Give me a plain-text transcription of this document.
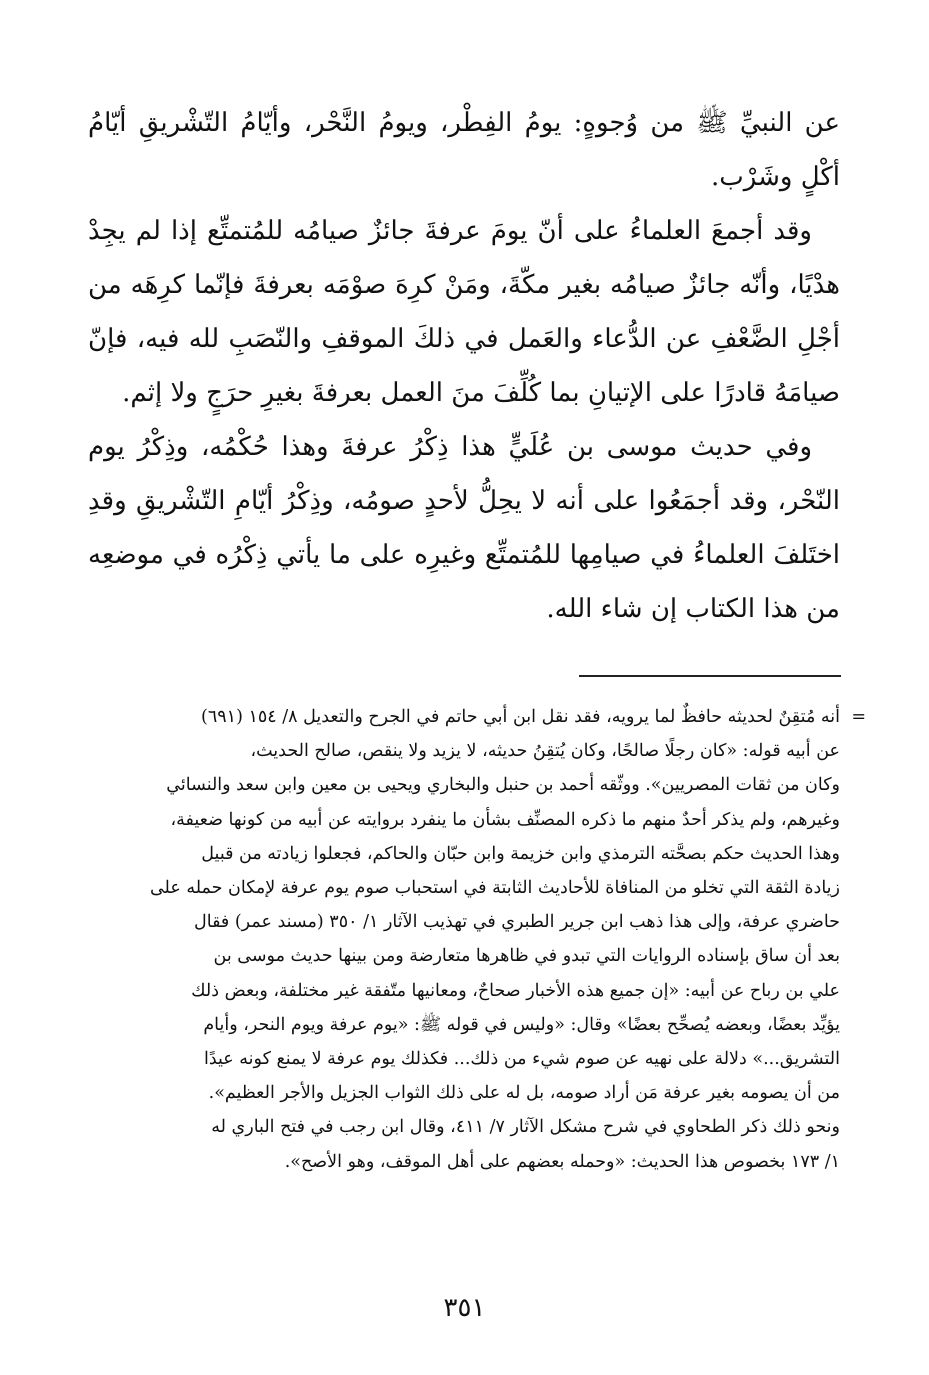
عن النبيِّ ﷺ من وُجوهٍ: يومُ الفِطْر، ويومُ النَّحْر، وأيّامُ التّشْريقِ أيّامُ أكْلٍ وشَرْب.

وقد أجمعَ العلماءُ على أنّ يومَ عرفةَ جائزٌ صيامُه للمُتمتِّع إذا لم يجِدْ هدْيًا، وأنّه جائزٌ صيامُه بغير مكّةَ، ومَنْ كرِهَ صوْمَه بعرفةَ فإنّما كرِهَه من أجْلِ الضَّعْفِ عن الدُّعاء والعَمل في ذلكَ الموقفِ والنّصَبِ لله فيه، فإنّ صيامَهُ قادرًا على الإتيانِ بما كُلِّفَ منَ العمل بعرفةَ بغيرِ حرَجٍ ولا إثم.

وفي حديث موسى بن عُلَيٍّ هذا ذِكْرُ عرفةَ وهذا حُكْمُه، وذِكْرُ يوم النّحْر، وقد أجمَعُوا على أنه لا يحِلُّ لأحدٍ صومُه، وذِكْرُ أيّامِ التّشْريقِ وقدِ اختَلفَ العلماءُ في صيامِها للمُتمتِّع وغيرِه على ما يأتي ذِكْرُه في موضعِه من هذا الكتاب إن شاء الله.

=
أنه مُتقِنٌ لحديثه حافظٌ لما يرويه، فقد نقل ابن أبي حاتم في الجرح والتعديل ٨/ ١٥٤ (٦٩١)
عن أبيه قوله: «كان رجلًا صالحًا، وكان يُتقِنُ حديثه، لا يزيد ولا ينقص، صالح الحديث،
وكان من ثقات المصريين». ووثّقه أحمد بن حنبل والبخاري ويحيى بن معين وابن سعد والنسائي
وغيرهم، ولم يذكر أحدٌ منهم ما ذكره المصنِّف بشأن ما ينفرد بروايته عن أبيه من كونها ضعيفة،
وهذا الحديث حكم بصحَّته الترمذي وابن خزيمة وابن حبّان والحاكم، فجعلوا زيادته من قبيل
زيادة الثقة التي تخلو من المنافاة للأحاديث الثابتة في استحباب صوم يوم عرفة لإمكان حمله على
حاضري عرفة، وإلى هذا ذهب ابن جرير الطبري في تهذيب الآثار ١/ ٣٥٠ (مسند عمر) فقال
بعد أن ساق بإسناده الروايات التي تبدو في ظاهرها متعارضة ومن بينها حديث موسى بن
علي بن رباح عن أبيه: «إن جميع هذه الأخبار صحاحٌ، ومعانيها متّفقة غير مختلفة، وبعض ذلك
يؤيِّد بعضًا، وبعضه يُصحِّح بعضًا» وقال: «وليس في قوله ﷺ: «يوم عرفة ويوم النحر، وأيام
التشريق...» دلالة على نهيه عن صوم شيء من ذلك... فكذلك يوم عرفة لا يمنع كونه عيدًا
من أن يصومه بغير عرفة مَن أراد صومه، بل له على ذلك الثواب الجزيل والأجر العظيم».
ونحو ذلك ذكر الطحاوي في شرح مشكل الآثار ٧/ ٤١١، وقال ابن رجب في فتح الباري له
١/ ١٧٣ بخصوص هذا الحديث: «وحمله بعضهم على أهل الموقف، وهو الأصح».
٣٥١
